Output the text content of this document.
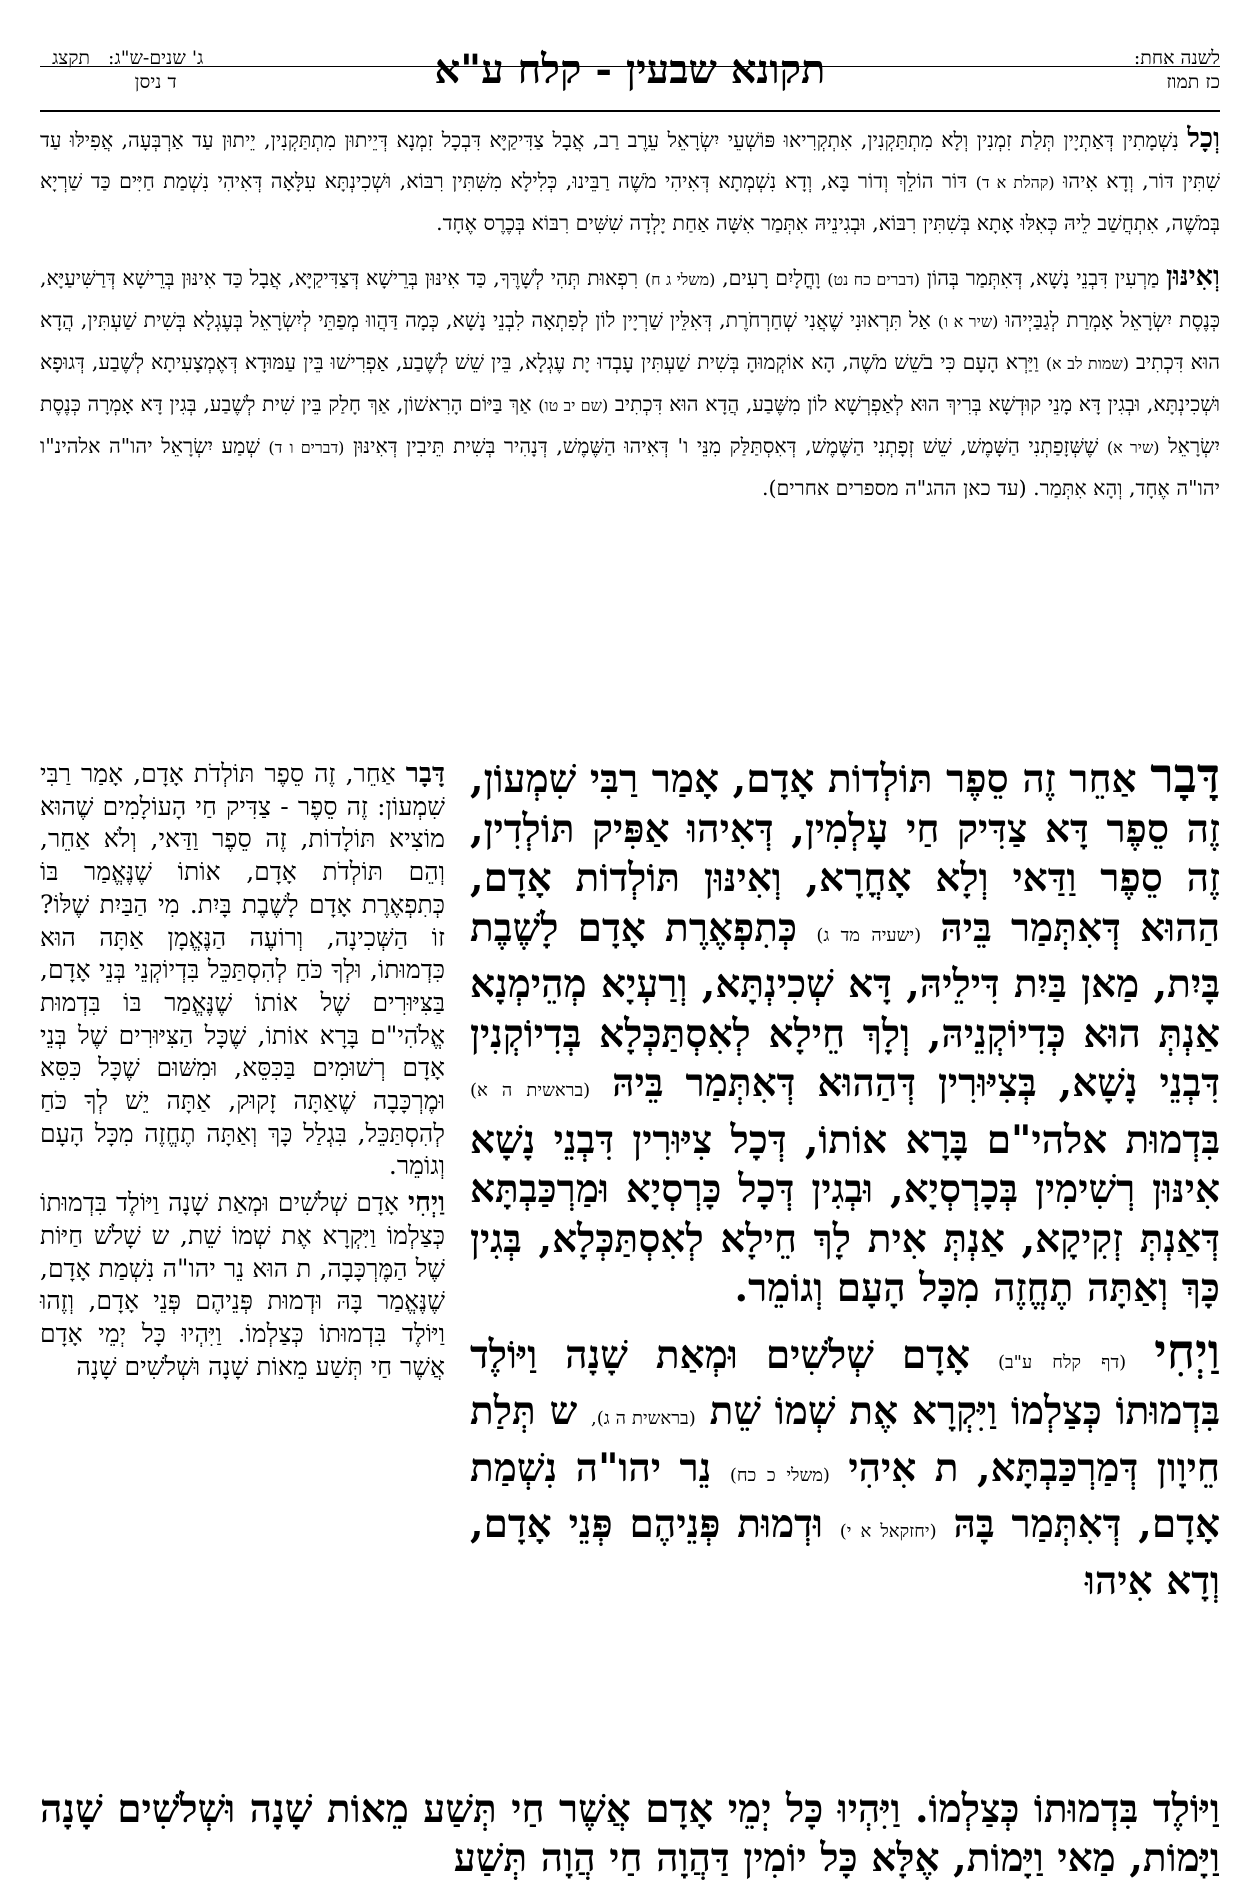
לשנה אחת:
כז תמוז
תקונא שבעין - קלח ע"א
ג' שנים-ש"ג:
ד ניסן
תקצג

וְכָל נִשְׁמָתִין דְּאַתְיָין תְּלַת זִמְנִין וְלָא מִתְתַּקְנִין, אִתְקְרִיאוּ פּוֹשְׁעֵי יִשְׂרָאֵל עֵרֶב רַב, אֲבָל צַדִּיקַיָּא דִּבְכָל זִמְנָא דְּיֵיתוּן מִתְתַּקְנִין, יֵיתוּן עַד אַרְבְּעָה, אֲפִילּוּ עַד שִׁתִּין דּוֹר, וְדָא אִיהוּ (קהלת א ד) דּוֹר הוֹלֵךְ וְדוֹר בָּא, וְדָא נִשְׁמְתָא דְּאִיהִי מֹשֶׁה רַבֵּינוּ, כְּלִילָא מִשִּׁתִּין רִבּוֹא, וּשְׁכִינְתָּא עִלָּאָה דְּאִיהִי נִשְׁמַת חַיִּים כַּד שַׁרְיָא בְּמֹשֶׁה, אִתְחֲשַׁב לֵיהּ כְּאִלּוּ אָתָא בְּשִׁתִּין רִבּוֹא, וּבְגִינֵיהּ אִתְּמַר אִשָּׁה אַחַת יָלְדָה שִׁשִּׁים רִבּוֹא בְּכֶרֶס אֶחָד.

וְאִינּוּן מַרְעִין דִּבְנֵי נָשָׁא, דְּאִתְּמַר בְּהוֹן (דברים כח נט) וָחֳלָיִם רָעִים, (משלי ג ח) רִפְאוּת תְּהִי לְשָׁרֶּךָ, כַּד אִינּוּן בְּרֵישָׁא דְּצַדִּיקַיָּא, אֲבָל כַּד אִינּוּן בְּרֵישָׁא דְּרַשִּׁיעַיָּא, כְּנֶסֶת יִשְׂרָאֵל אָמְרַת לְגַבַּיְיהוּ (שיר א ו) אַל תִּרְאוּנִי שֶׁאֲנִי שְׁחַרְחֹרֶת, דְּאִלֵּין שַׁרְיָין לוֹן לְפִתְאָה לִבְנֵי נָשָׁא, כְּמָה דַּהֲווּ מְפַתֵּי לְיִשְׂרָאֵל בְּעֶגְלָא בְּשִׁית שַׁעְתִּין, הֲדָא הוּא דִּכְתִיב (שמות לב א) וַיַּרְא הָעָם כִּי בֹשֵׁשׁ מֹשֶׁה, הָא אוֹקְמוּהָ בְּשִׁית שַׁעְתִּין עָבְדוּ יָת עֶגְלָא, בֵּין שֵׁשׁ לְשֶׁבַע, אַפְרִישׁוּ בֵּין עַמּוּדָא דְּאֶמְצָעִיתָא לְשֶׁבַע, דְּגוּפָא וּשְׁכִינְתָּא, וּבְגִין דָּא מָנֵי קוּדְשָׁא בְּרִיךְ הוּא לְאַפְרְשָׁא לוֹן מִשֶּׁבַע, הֲדָא הוּא דִּכְתִיב (שם יב טו) אַךְ בַּיּוֹם הָרִאשׁוֹן, אַךְ חָלַק בֵּין שִׁית לְשֶׁבַע, בְּגִין דָּא אָמְרָה כְּנֶסֶת יִשְׂרָאֵל (שיר א) שֶׁשְּׁזָפַתְנִי הַשָּׁמֶשׁ, שֵׁשׁ זְפָתְנִי הַשֶּׁמֶשׁ, דְּאִסְתַּלַּק מִנֵּי ו' דְּאִיהוּ הַשֶּׁמֶשׁ, דְּנָהִיר בְּשִׁית תֵּיבִין דְּאִינּוּן (דברים ו ד) שְׁמַע יִשְׂרָאֵל יהו"ה אלהינ"ו יהו"ה אֶחָד, וְהָא אִתְּמַר. (עד כאן ההג"ה מספרים אחרים).

דָּבָר אַחֵר זֶה סֵפֶר תּוֹלְדוֹת אָדָם, אָמַר רַבִּי שִׁמְעוֹן, זֶה סֵפֶר דָּא צַדִּיק חַי עָלְמִין, דְּאִיהוּ אַפִּיק תּוֹלְדִין, זֶה סֵפֶר וַדַּאי וְלָא אָחֳרָא, וְאִינּוּן תּוֹלְדוֹת אָדָם, הַהוּא דְּאִתְּמַר בֵּיהּ (ישעיה מד ג) כְּתִפְאֶרֶת אָדָם לָשֶׁבֶת בָּיִת, מַאן בַּיִת דִּילֵיהּ, דָּא שְׁכִינְתָּא, וְרַעְיָא מְהֵימְנָא אַנְתְּ הוּא כְּדִיוֹקְנֵיהּ, וְלָךְ חֵילָא לְאִסְתַּכְּלָא בְּדִיוֹקְנִין דִּבְנֵי נָשָׁא, בְּצִיּוּרִין דְּהַהוּא דְּאִתְּמַר בֵּיהּ (בראשית ה א) בִּדְמוּת אלהי"ם בָּרָא אוֹתוֹ, דְּכָל צִיּוּרִין דִּבְנֵי נָשָׁא אִינּוּן רְשִׁימִין בְּכָרְסְיָא, וּבְגִין דְּכָל כָּרְסְיָא וּמַרְכַּבְתָּא דְּאַנְתְּ זְקִיקָא, אַנְתְּ אִית לָךְ חֵילָא לְאִסְתַּכְּלָא, בְּגִין כָּךְ וְאַתָּה תֶחֱזֶה מִכָּל הָעָם וְגוֹמֵר.

וַיְחִי (דף קלח ע"ב) אָדָם שְׁלֹשִׁים וּמְאַת שָׁנָה וַיּוֹלֶד בִּדְמוּתוֹ כְּצַלְמוֹ וַיִּקְרָא אֶת שְׁמוֹ שֵׁת (בראשית ה ג), ש תְּלַת חֵיוָון דְּמַרְכַּבְתָּא, ת אִיהִי (משלי כ כח) נֵר יהו"ה נִשְׁמַת אָדָם, דְּאִתְּמַר בָּהּ (יחזקאל א י) וּדְמוּת פְּנֵיהֶם פְּנֵי אָדָם, וְדָא אִיהוּ

דָּבָר אַחֵר, זֶה סֵפֶר תּוֹלְדֹת אָדָם, אָמַר רַבִּי שִׁמְעוֹן: זֶה סֵפֶר - צַדִּיק חַי הָעוֹלָמִים שֶׁהוּא מוֹצִיא תּוֹלָדוֹת, זֶה סֵפֶר וַדַּאי, וְלֹא אַחֵר, וְהֵם תּוֹלְדֹת אָדָם, אוֹתוֹ שֶׁנֶּאֱמַר בּוֹ כְּתִפְאֶרֶת אָדָם לָשֶׁבֶת בָּיִת. מִי הַבַּיִת שֶׁלּוֹ? זוֹ הַשְּׁכִינָה, וְרוֹעֶה הַנֶּאֱמָן אַתָּה הוּא כִּדְמוּתוֹ, וּלְךָ כֹּחַ לְהִסְתַּכֵּל בִּדְיוֹקְנֵי בְּנֵי אָדָם, בַּצִּיּוּרִים שֶׁל אוֹתוֹ שֶׁנֶּאֱמַר בּוֹ בִּדְמוּת אֱלֹהִי"ם בָּרָא אוֹתוֹ, שֶׁכָּל הַצִּיּוּרִים שֶׁל בְּנֵי אָדָם רְשׁוּמִים בַּכִּסֵּא, וּמִשּׁוּם שֶׁכָּל כִּסֵּא וּמֶרְכָּבָה שֶׁאַתָּה זָקוּק, אַתָּה יֵשׁ לְךָ כֹּחַ לְהִסְתַּכֵּל, בִּגְלַל כָּךְ וְאַתָּה תֶחֱזֶה מִכָּל הָעָם וְגוֹמֵר.

וַיְחִי אָדָם שְׁלֹשִׁים וּמְאַת שָׁנָה וַיּוֹלֶד בִּדְמוּתוֹ כְּצַלְמוֹ וַיִּקְרָא אֶת שְׁמוֹ שֵׁת, ש שָׁלֹשׁ חַיּוֹת שֶׁל הַמֶּרְכָּבָה, ת הוּא נֵר יהו"ה נִשְׁמַת אָדָם, שֶׁנֶּאֱמַר בָּהּ וּדְמוּת פְּנֵיהֶם פְּנֵי אָדָם, וְזֶהוּ וַיּוֹלֶד בִּדְמוּתוֹ כְּצַלְמוֹ. וַיִּהְיוּ כָּל יְמֵי אָדָם אֲשֶׁר חַי תְּשַׁע מֵאוֹת שָׁנָה וּשְׁלֹשִׁים שָׁנָה

וַיּוֹלֶד בִּדְמוּתוֹ כְּצַלְמוֹ. וַיִּהְיוּ כָּל יְמֵי אָדָם אֲשֶׁר חַי תְּשַׁע מֵאוֹת שָׁנָה וּשְׁלֹשִׁים שָׁנָה וַיָּמוֹת, מַאי וַיָּמוֹת, אֶלָּא כָּל יוֹמִין דַּהֲוָה חַי הֲוָה תְּשַׁע
